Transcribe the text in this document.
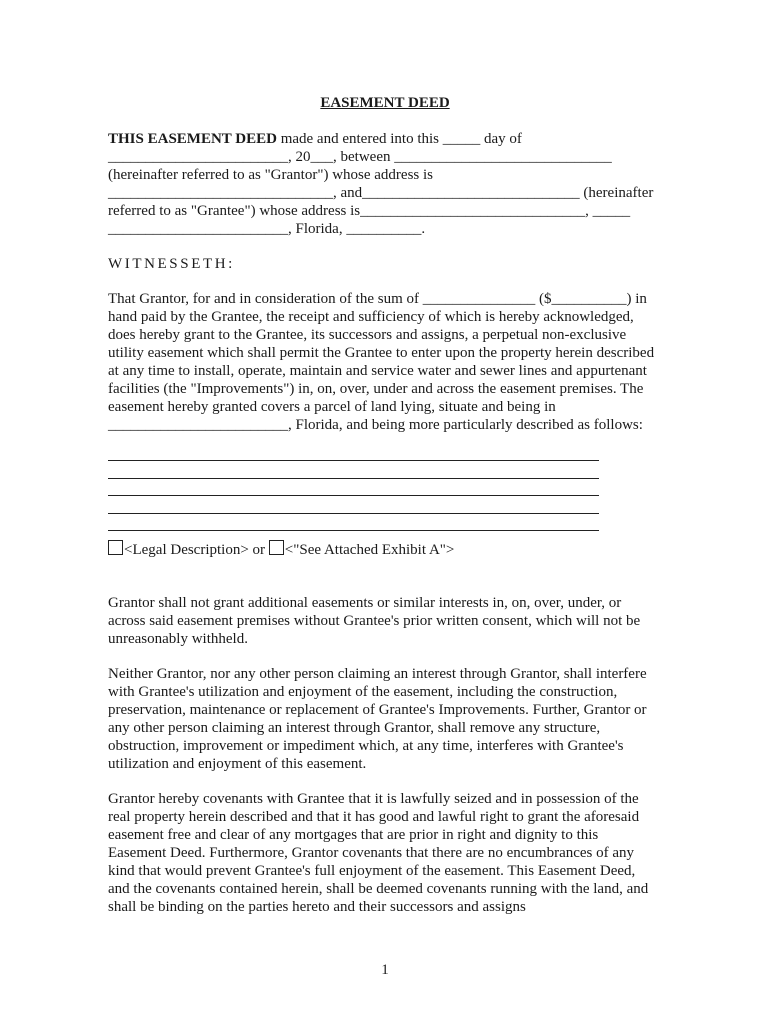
EASEMENT DEED
THIS EASEMENT DEED made and entered into this _____ day of
________________________, 20___, between _____________________________
(hereinafter referred to as "Grantor") whose address is
______________________________, and_____________________________ (hereinafter
referred to as "Grantee") whose address is______________________________, _____
________________________, Florida, __________.
WITNESSETH:
That Grantor, for and in consideration of the sum of _______________ ($__________) in
hand paid by the Grantee, the receipt and sufficiency of which is hereby acknowledged,
does hereby grant to the Grantee, its successors and assigns, a perpetual non-exclusive
utility easement which shall permit the Grantee to enter upon the property herein described
at any time to install, operate, maintain and service water and sewer lines and appurtenant
facilities (the "Improvements") in, on, over, under and across the easement premises. The
easement hereby granted covers a parcel of land lying, situate and being in
________________________, Florida, and being more particularly described as follows:
<Legal Description> or <"See Attached Exhibit A">
Grantor shall not grant additional easements or similar interests in, on, over, under, or
across said easement premises without Grantee's prior written consent, which will not be
unreasonably withheld.
Neither Grantor, nor any other person claiming an interest through Grantor, shall interfere
with Grantee's utilization and enjoyment of the easement, including the construction,
preservation, maintenance or replacement of Grantee's Improvements. Further, Grantor or
any other person claiming an interest through Grantor, shall remove any structure,
obstruction, improvement or impediment which, at any time, interferes with Grantee's
utilization and enjoyment of this easement.
Grantor hereby covenants with Grantee that it is lawfully seized and in possession of the
real property herein described and that it has good and lawful right to grant the aforesaid
easement free and clear of any mortgages that are prior in right and dignity to this
Easement Deed. Furthermore, Grantor covenants that there are no encumbrances of any
kind that would prevent Grantee's full enjoyment of the easement. This Easement Deed,
and the covenants contained herein, shall be deemed covenants running with the land, and
shall be binding on the parties hereto and their successors and assigns
1
